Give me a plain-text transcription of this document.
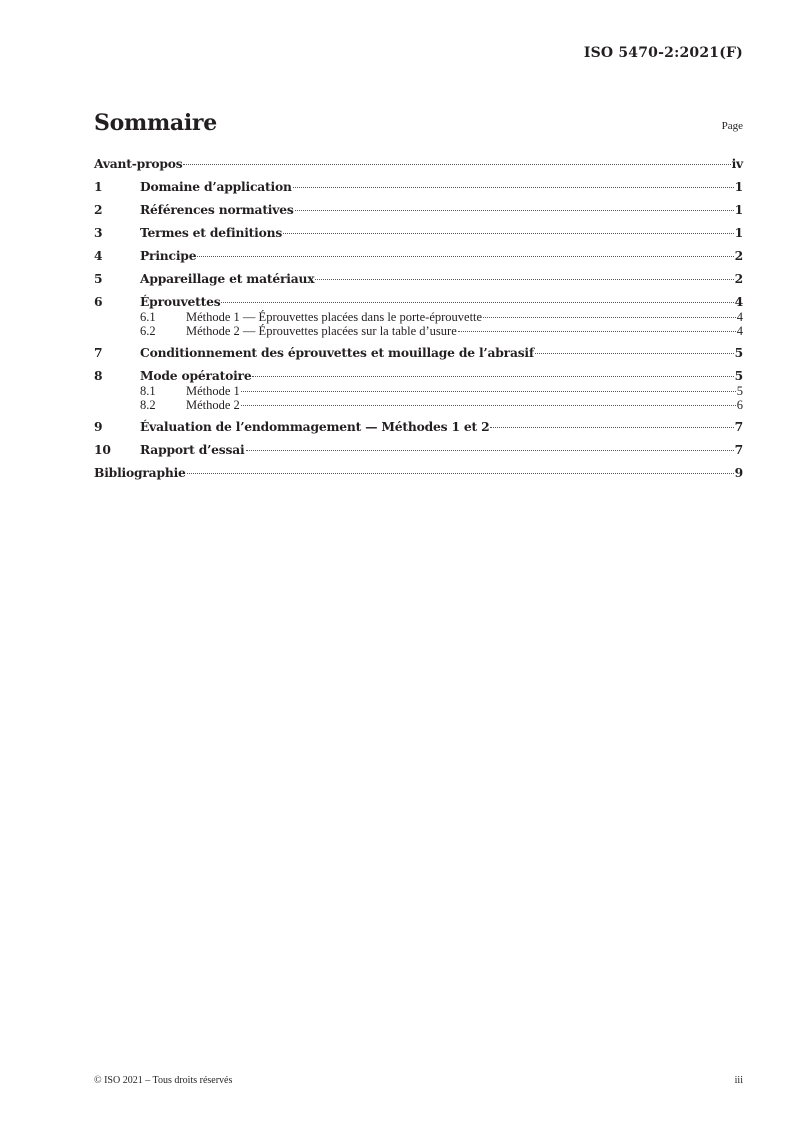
ISO 5470-2:2021(F)
Sommaire	Page
Avant-propos	iv
1	Domaine d’application	1
2	Références normatives	1
3	Termes et definitions	1
4	Principe	2
5	Appareillage et matériaux	2
6	Éprouvettes	4
6.1	Méthode 1 — Éprouvettes placées dans le porte-éprouvette	4
6.2	Méthode 2 — Éprouvettes placées sur la table d’usure	4
7	Conditionnement des éprouvettes et mouillage de l’abrasif	5
8	Mode opératoire	5
8.1	Méthode 1	5
8.2	Méthode 2	6
9	Évaluation de l’endommagement — Méthodes 1 et 2	7
10	Rapport d’essai	7
Bibliographie	9
© ISO 2021 – Tous droits réservés	iii
